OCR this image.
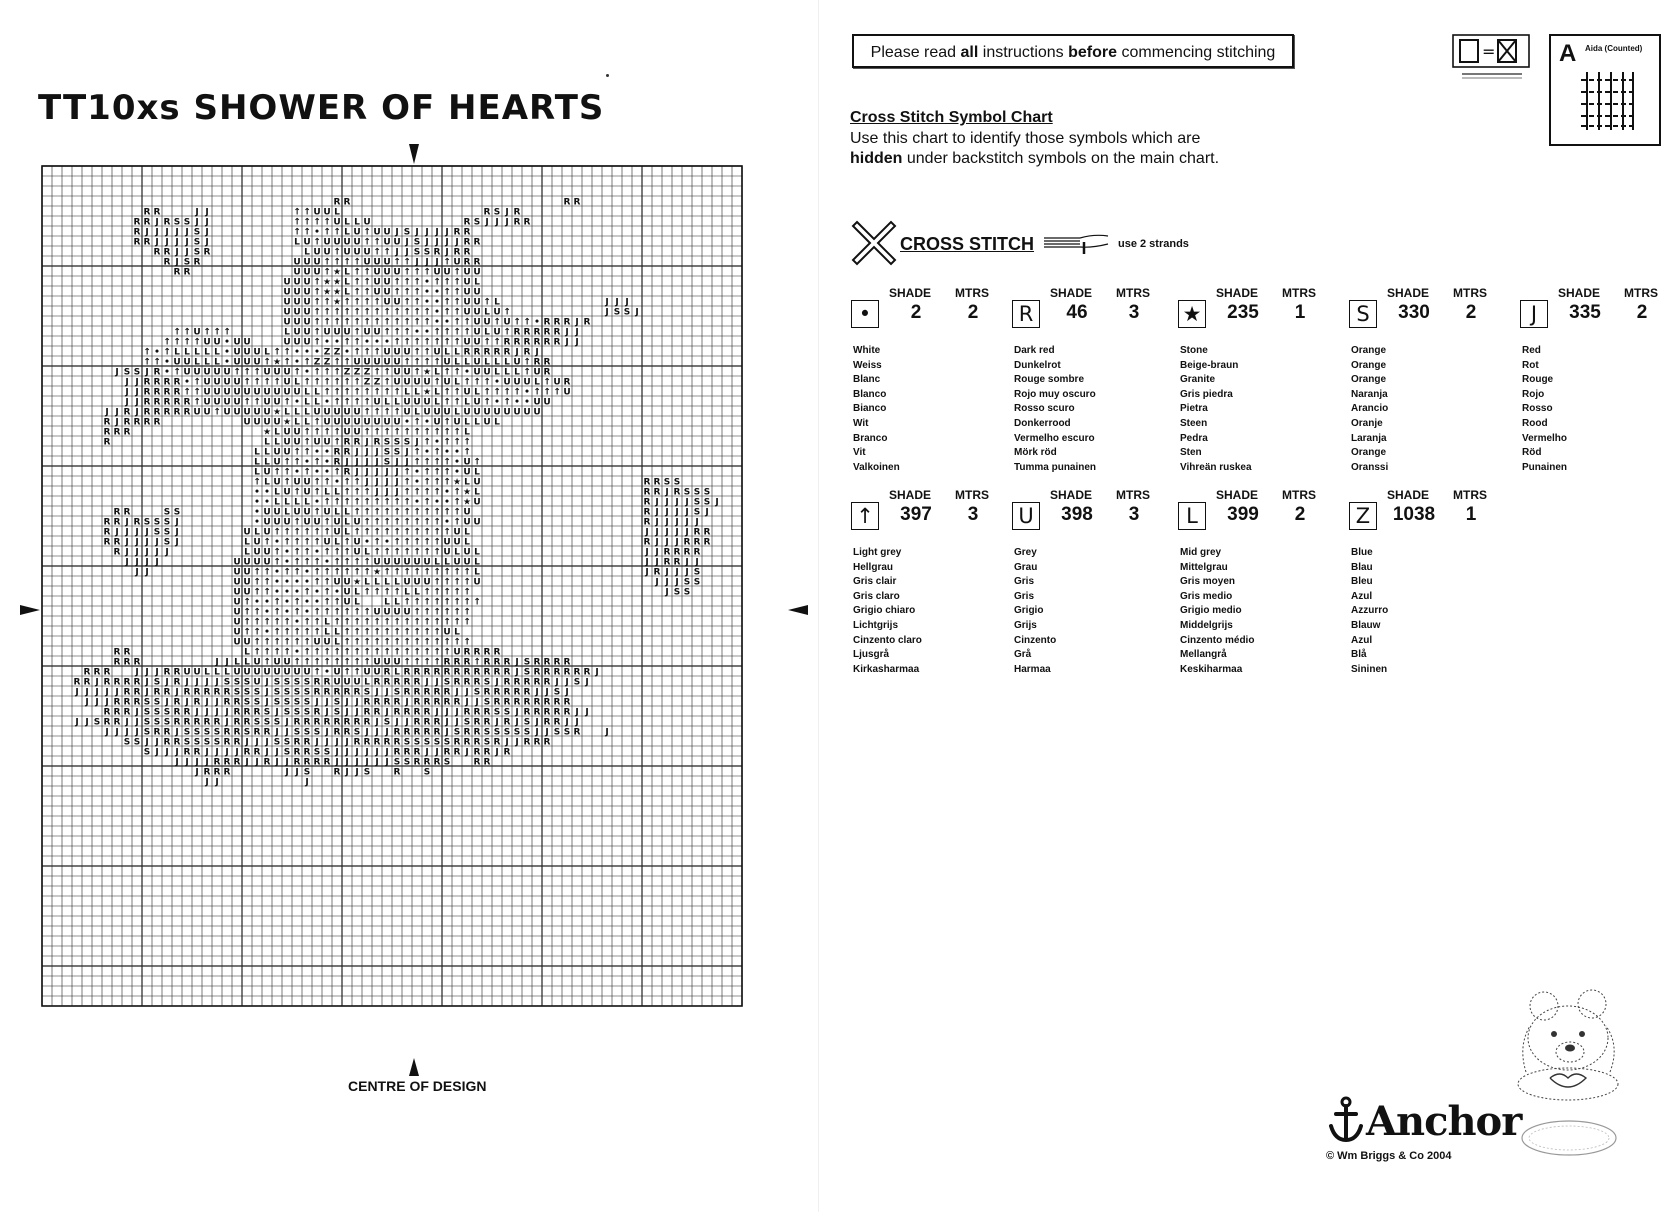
TT10xs SHOWER OF HEARTS
R R	R R
R R	J J	↑ ↑ U U L	R S J R
R R J R S S J J	↑ ↑ ↑ ↑ U L L U	R S J J J R R
R J J J J J S J	↑ ↑ • ↑ ↑ L U ↑ U U J S J J J J R R
R R J J J J S J	L U ↑ U U U U ↑ ↑ U U J S J J J J R R
R R J J S R	L U U ↑ U U U ↑ ↑ J J S S R J R R
R J S R	U U U ↑ ↑ ↑ ↑ U U U ↑ ↑ J J J ↑ U R R
R R	U U U ↑ ★ L ↑ ↑ U U U ↑ ↑ ↑ U U ↑ U U
U U U ↑ ★ ★ L ↑ ↑ U U ↑ ↑ ↑ • ↑ ↑ ↑ U L
U U U ↑ ★ ★ L ↑ ↑ U U ↑ ↑ ↑ • • ↑ ↑ U U
U U U ↑ ↑ ★ ↑ ↑ ↑ ↑ U U ↑ ↑ • • ↑ ↑ U U ↑ L	J J J
U U U ↑ ↑ ↑ ↑ ↑ ↑ ↑ ↑ ↑ ↑ ↑ ↑ • ↑ ↑ U U L U ↑	J S S J
U U U ↑ ↑ ↑ ↑ ↑ ↑ ↑ ↑ ↑ ↑ ↑ ↑ • • ↑ ↑ U U ↑ U ↑ ↑ • R R R J R
↑ ↑ U ↑ ↑ ↑	L U U ↑ U U U ↑ U U ↑ ↑ ↑ • • ↑ ↑ ↑ ↑ U L U ↑ R R R R R J J
↑ ↑ ↑ ↑ U U • U U	U U U ↑ • • ↑ ↑ • • • ↑ ↑ ↑ ↑ ↑ ↑ ↑ U U ↑ ↑ R R R R R R J J
↑ • ↑ L L L L L • U U U L ↑ ↑ • • • Z Z • ↑ ↑ ↑ U U U ↑ ↑ U L L R R R R R J R J
↑ ↑ • U U L L L • U U U ↑ ★ ↑ • ↑ Z Z ↑ ↑ U U U U U ↑ ↑ ↑ ↑ U L L U L L L U ↑ R R
J S S J R • ↑ U U U U U ↑ ↑ ↑ U U U ↑ • ↑ ↑ ↑ Z Z Z ↑ ↑ U U ↑ ★ L ↑ ↑ • U U L L L ↑ U R
J J R R R R • ↑ U U U U ↑ ↑ ↑ ↑ U L ↑ ↑ ↑ ↑ ↑ ↑ Z Z ↑ U U U U ↑ U L ↑ ↑ ↑ • U U U L ↑ U R
J J R R R R ↑ ↑ U U U U U U U U U U L L ↑ ↑ ↑ ↑ ↑ ↑ ↑ ↑ L L ★ L ↑ ↑ U L ↑ ↑ ↑ ↑ • ↑ ↑ ↑ U
J J R R R R R ↑ U U U U ↑ ↑ U U ↑ • L L • ↑ ↑ ↑ ↑ U L L U U U L ↑ ↑ L U ↑ • ↑ • • U U
J J R J R R R R R U U ↑ U U U U U ★ L L L U U U U U ↑ ↑ ↑ ↑ U L U U U L U U U U U U U U
R J R R R R	U U U U ★ L L ↑ U U U U U U U U • ↑ • U ↑ U L L U L
R R R	★ L U U ↑ ↑ ↑ ↑ U U ↑ ↑ ↑ ↑ ↑ ↑ ↑ ↑ ↑ ↑ L
R	L L U U ↑ U U ↑ R R J R S S S J ↑ • ↑ ↑ ↑
L L U U ↑ ↑ • • R R J J J S S J ↑ • ↑ • • ↑
L L U ↑ ↑ • ↑ • R J J J J S J J ↑ ↑ ↑ ↑ • U ↑
L U ↑ ↑ • ↑ • • ↑ R J J J J J ↑ • ↑ ↑ ↑ • U L
↑ L U ↑ U U ↑ ↑ • ↑ ↑ J J J J ↑ • ↑ ↑ ↑ ★ L U	R R S S
• • L U ↑ U ↑ L L ↑ ↑ ↑ J J J ↑ ↑ ↑ ↑ • ↑ ★ L	R R J R S S S
• • L L L L • ↑ ↑ ↑ ↑ ↑ ↑ ↑ ↑ ↑ • ↑ • • ↑ ★ U	R J J J J S S J
R R	S S	• U U L U U ↑ U L L ↑ ↑ ↑ ↑ ↑ ↑ ↑ ↑ ↑ ↑ ↑ U	R J J J J S J
R R J R S S S J	• U U U ↑ U U ↑ U L U ↑ ↑ ↑ ↑ ↑ ↑ ↑ ↑ • ↑ U U	R J J J J J
R J J J J S S J	U L U ↑ ↑ ↑ ↑ ↑ ↑ U L ↑ ↑ ↑ ↑ ↑ ↑ ↑ ↑ ↑ ↑ U L	J J J J J R R
R R J J J J S J	L U ↑ • ↑ ↑ ↑ ↑ U L ↑ U • ↑ • ↑ ↑ ↑ ↑ ↑ U U L	R J J J R R R
R J J J J J	L U U ↑ • ↑ ↑ • ↑ ↑ ↑ U L ↑ ↑ ↑ ↑ ↑ ↑ ↑ U L U L	J J R R R R
J J J J	U U U U ↑ • ↑ ↑ ↑ • ↑ ↑ ↑ ↑ U U U U U U L L U U L	J J R R J J
J J	U U ↑ ↑ • ↑ ↑ • ↑ ↑ ↑ ↑ ↑ ↑ ★ ↑ ↑ ↑ ↑ ↑ ↑ ↑ ↑ ↑ L	J R J J J S
U U ↑ ↑ • • • • ↑ ↑ U U ★ L L L L U U U ↑ ↑ ↑ ↑ U	J J J S S
U U ↑ ↑ • • • ↑ • ↑ • U L ↑ ↑ ↑ ↑ L L ↑ ↑ ↑ ↑ ↑	J S S
U ↑ • • ↑ • ↑ • • ↑ ↑ U L	L L ↑ ↑ ↑ ↑ ↑ ↑ ↑ ↑
U ↑ ↑ • ↑ • ↑ • ↑ ↑ ↑ ↑ ↑ ↑ U U U U ↑ ↑ ↑ ↑ ↑ ↑
U ↑ ↑ ↑ ↑ ↑ • ↑ ↑ L ↑ ↑ ↑ ↑ ↑ ↑ ↑ ↑ ↑ ↑ ↑ ↑ ↑ ↑
U ↑ ↑ • ↑ ↑ ↑ ↑ ↑ L L ↑ ↑ ↑ ↑ ↑ ↑ ↑ ↑ ↑ ↑ U L
U U ↑ ↑ ↑ ↑ ↑ ↑ U U L ↑ ↑ ↑ ↑ ↑ ↑ ↑ ↑ ↑ ↑ ↑ ↑ ↑
R R	L ↑ ↑ ↑ ↑ • ↑ ↑ ↑ ↑ ↑ ↑ ↑ ↑ ↑ ↑ ↑ ↑ ↑ ↑ ↑ U R R R R
R R R	J J L L U ↑ U U ↑ ↑ ↑ ↑ ↑ ↑ ↑ ↑ U U U ↑ ↑ ↑ ↑ R R R ↑ R R R J S R R R R
R R R	J J J R R U U L L L U U U U U U U U ↑ • U ↑ ↑ U U R L R R R R R R R R R R R J S R R R R R R J
R R J R R R R J S J R J J J J S S S U J S S S S R R U U U L R R R R R J J S R R R S J R R R R R J J S J
J J J J J R R J R R J R R R R R S S S J S S S S R R R R R S J J S R R R R R J J S R R R R R J J S J
J J J R R R S S J R J R J J R R S S J S S S S J J S J J R R R R J R R R R R J J S R R R R R R R R
R R R J S S S R R J J J J R R R S J S S S R J S J J R R J R R R R J J J R R R S S J R R R R R J J
J J S R R J J S S S R R R R R J R R S S S J R R R R R R R R J S J J R R R J J S R R J R J S J R R J J
J J J J S R R J S S S S R R S R R J J S S S J R R S J J J R R R R R J S R R S S S S S J J S S R	J
S S J J R R S S S S R R J J J S S R R J J J J R R R R R S S S S S R R R S R J J R R R
S J J J R R J J J J R R J J S R R S S J J J J J J R R R J J R R J R R J R
J J J J R R R J J R J J R R R R J J J J J J S S R R R S	R R
J R R R	J J S	R J J S	R	S
J J	J
CENTRE OF DESIGN
Please read all instructions before commencing stitching	=	A Aida (Counted)
Cross Stitch Symbol Chart
Use this chart to identify those symbols which are
hidden under backstitch symbols on the main chart.
CROSS STITCH	use 2 strands
SHADE MTRS
•	2	2
White
Weiss
Blanc
Blanco
Bianco
Wit
Branco
Vit
Valkoinen
SHADE MTRS
R	46	3
Dark red
Dunkelrot
Rouge sombre
Rojo muy oscuro
Rosso scuro
Donkerrood
Vermelho escuro
Mörk röd
Tumma punainen
SHADE MTRS
★	235	1
Stone
Beige-braun
Granite
Gris piedra
Pietra
Steen
Pedra
Sten
Vihreän ruskea
SHADE MTRS
S	330	2
Orange
Orange
Orange
Naranja
Arancio
Oranje
Laranja
Orange
Oranssi
SHADE MTRS
J	335	2
Red
Rot
Rouge
Rojo
Rosso
Rood
Vermelho
Röd
Punainen
SHADE MTRS
↑	397	3
Light grey
Hellgrau
Gris clair
Gris claro
Grigio chiaro
Lichtgrijs
Cinzento claro
Ljusgrå
Kirkasharmaa
SHADE MTRS
U	398	3
Grey
Grau
Gris
Gris
Grigio
Grijs
Cinzento
Grå
Harmaa
SHADE MTRS
L	399	2
Mid grey
Mittelgrau
Gris moyen
Gris medio
Grigio medio
Middelgrijs
Cinzento médio
Mellangrå
Keskiharmaa
SHADE MTRS
Z	1038	1
Blue
Blau
Bleu
Azul
Azzurro
Blauw
Azul
Blå
Sininen
Anchor
© Wm Briggs & Co 2004
